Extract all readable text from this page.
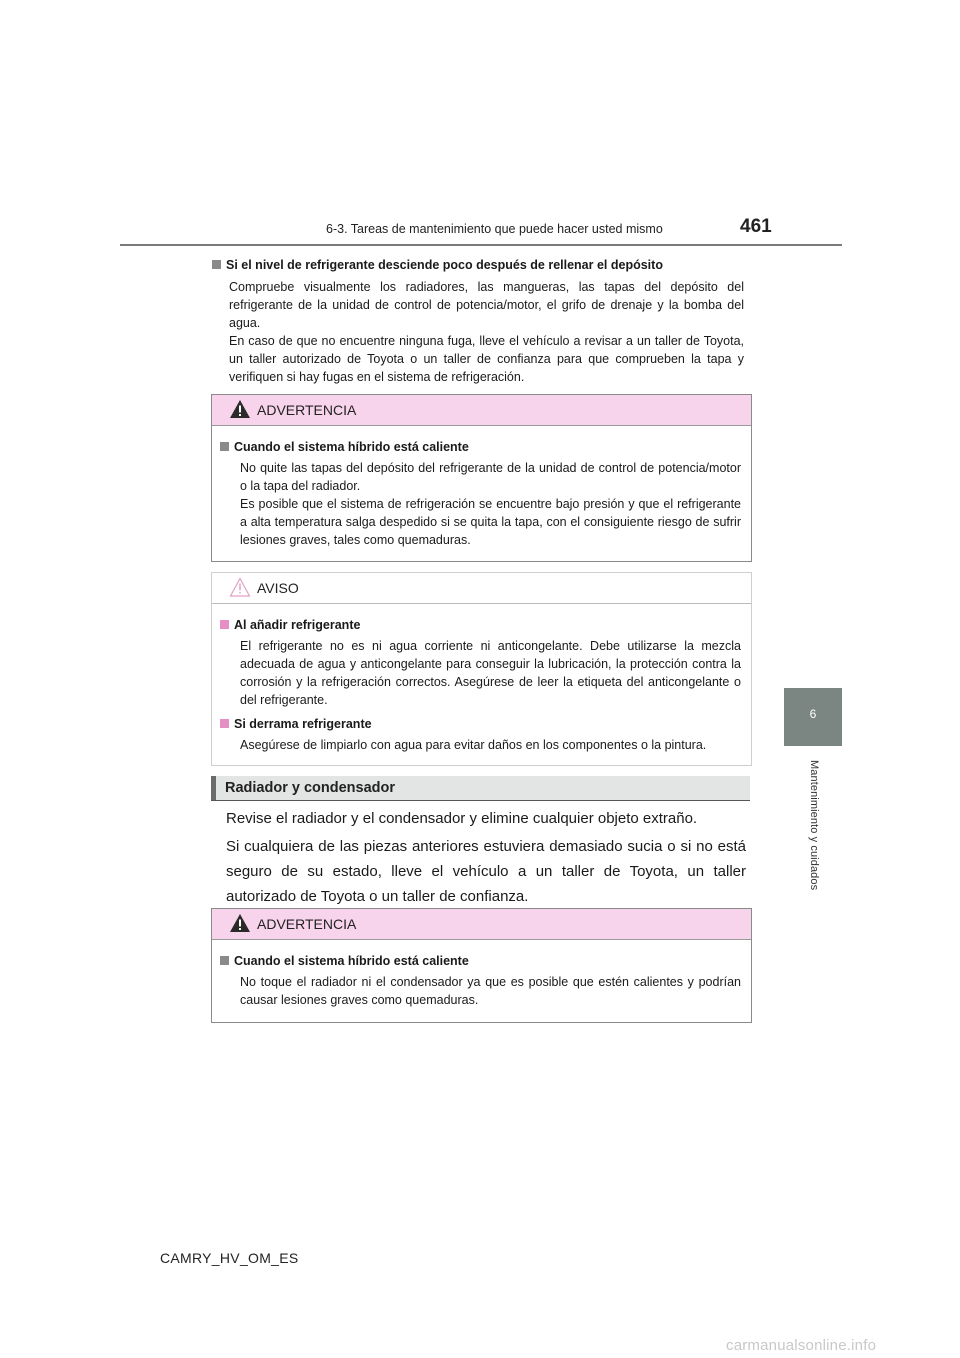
6-3. Tareas de mantenimiento que puede hacer usted mismo	461
6
Mantenimiento y cuidados
Si el nivel de refrigerante desciende poco después de rellenar el depósito
Compruebe visualmente los radiadores, las mangueras, las tapas del depósito del refrigerante de la unidad de control de potencia/motor, el grifo de drenaje y la bomba del agua.
En caso de que no encuentre ninguna fuga, lleve el vehículo a revisar a un taller de Toyota, un taller autorizado de Toyota o un taller de confianza para que comprueben la tapa y verifiquen si hay fugas en el sistema de refrigeración.
ADVERTENCIA
Cuando el sistema híbrido está caliente
No quite las tapas del depósito del refrigerante de la unidad de control de potencia/motor o la tapa del radiador.
Es posible que el sistema de refrigeración se encuentre bajo presión y que el refrigerante a alta temperatura salga despedido si se quita la tapa, con el consiguiente riesgo de sufrir lesiones graves, tales como quemaduras.
AVISO
Al añadir refrigerante
El refrigerante no es ni agua corriente ni anticongelante. Debe utilizarse la mezcla adecuada de agua y anticongelante para conseguir la lubricación, la protección contra la corrosión y la refrigeración correctos. Asegúrese de leer la etiqueta del anticongelante o del refrigerante.
Si derrama refrigerante
Asegúrese de limpiarlo con agua para evitar daños en los componentes o la pintura.
Radiador y condensador
Revise el radiador y el condensador y elimine cualquier objeto extraño.
Si cualquiera de las piezas anteriores estuviera demasiado sucia o si no está seguro de su estado, lleve el vehículo a un taller de Toyota, un taller autorizado de Toyota o un taller de confianza.
ADVERTENCIA
Cuando el sistema híbrido está caliente
No toque el radiador ni el condensador ya que es posible que estén calientes y podrían causar lesiones graves como quemaduras.
CAMRY_HV_OM_ES
carmanualsonline.info
